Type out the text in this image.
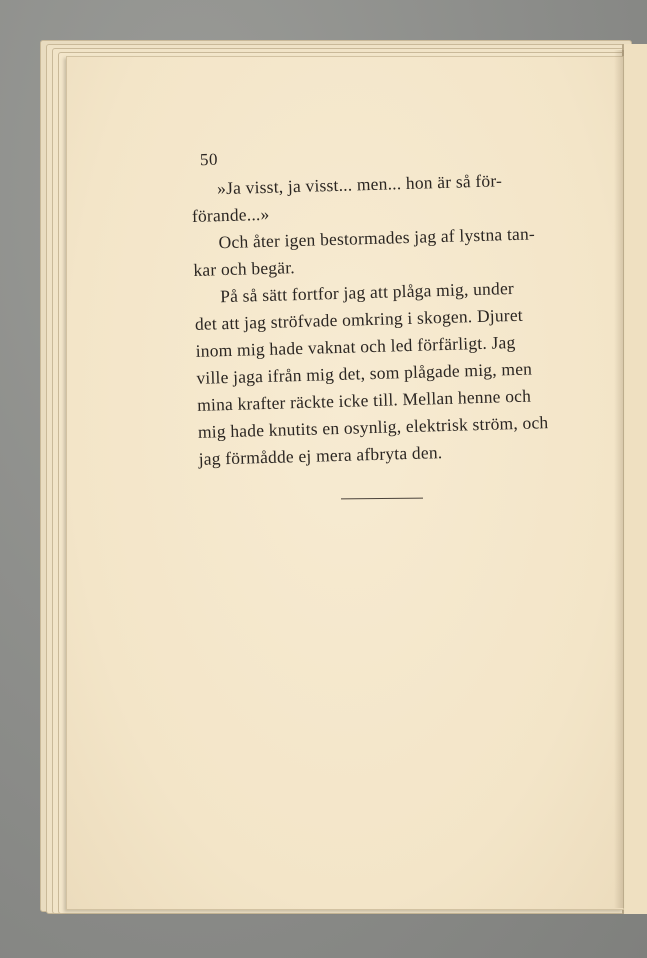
50

»Ja visst, ja visst... men... hon är så för-
förande...»

Och åter igen bestormades jag af lystna tan-
kar och begär.

På så sätt fortfor jag att plåga mig, under
det att jag ströfvade omkring i skogen. Djuret
inom mig hade vaknat och led förfärligt. Jag
ville jaga ifrån mig det, som plågade mig, men
mina krafter räckte icke till. Mellan henne och
mig hade knutits en osynlig, elektrisk ström, och
jag förmådde ej mera afbryta den.
